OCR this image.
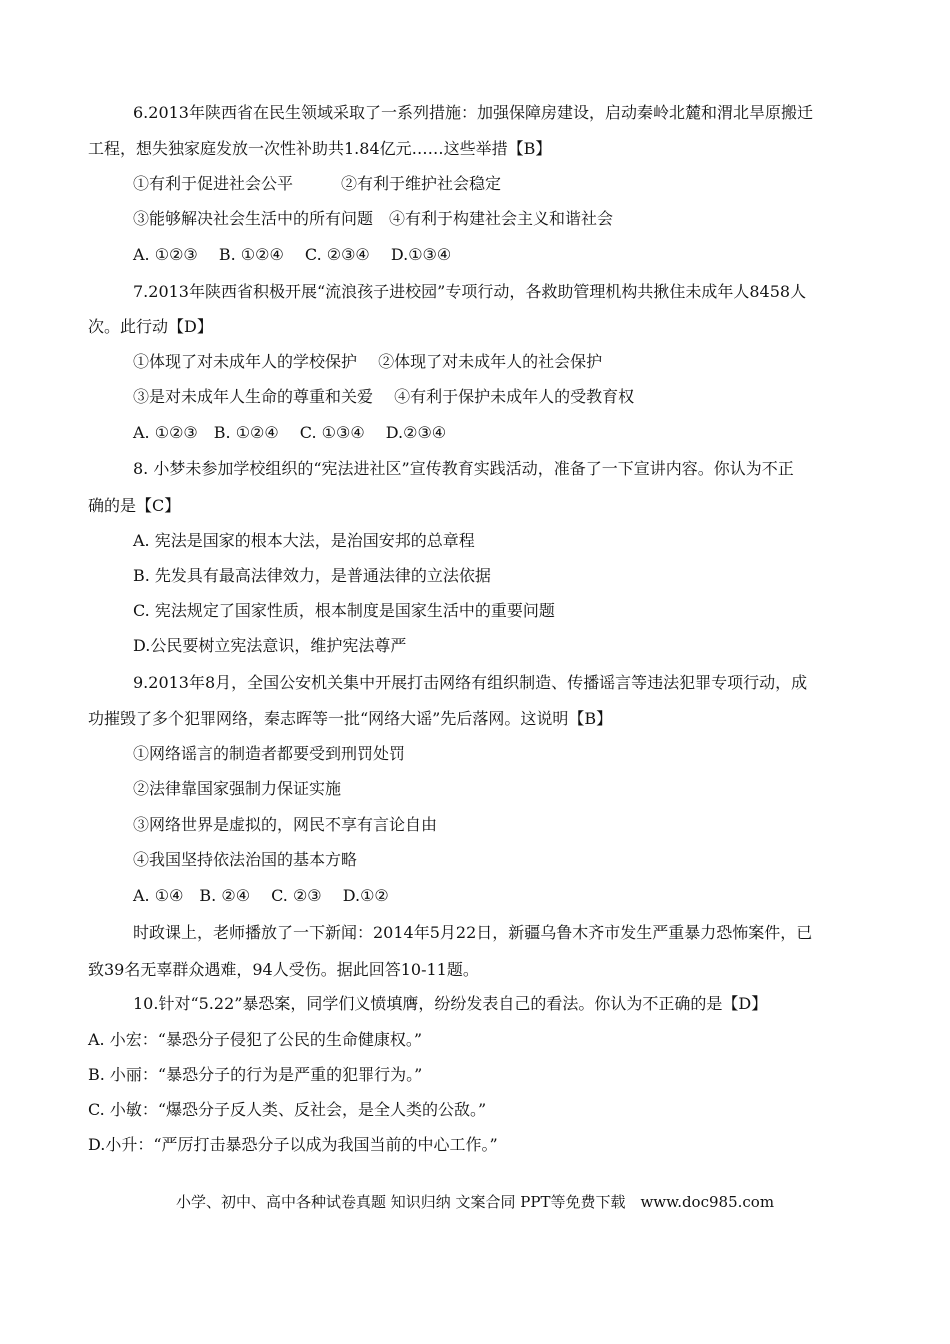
6.2013年陕西省在民生领域采取了一系列措施：加强保障房建设，启动秦岭北麓和渭北旱原搬迁
工程，想失独家庭发放一次性补助共1.84亿元……这些举措【B】
①有利于促进社会公平　　　②有利于维护社会稳定
③能够解决社会生活中的所有问题　④有利于构建社会主义和谐社会
A. ①②③　 B. ①②④　 C. ②③④　 D.①③④
7.2013年陕西省积极开展“流浪孩子进校园”专项行动，各救助管理机构共揪住未成年人8458人
次。此行动【D】
①体现了对未成年人的学校保护　 ②体现了对未成年人的社会保护
③是对未成年人生命的尊重和关爱　 ④有利于保护未成年人的受教育权
A. ①②③　B. ①②④　 C. ①③④　 D.②③④
8. 小梦未参加学校组织的“宪法进社区”宣传教育实践活动，准备了一下宣讲内容。你认为不正
确的是【C】
A. 宪法是国家的根本大法，是治国安邦的总章程
B. 先发具有最高法律效力，是普通法律的立法依据
C. 宪法规定了国家性质，根本制度是国家生活中的重要问题
D.公民要树立宪法意识，维护宪法尊严
9.2013年8月，全国公安机关集中开展打击网络有组织制造、传播谣言等违法犯罪专项行动，成
功摧毁了多个犯罪网络，秦志晖等一批“网络大谣”先后落网。这说明【B】
①网络谣言的制造者都要受到刑罚处罚
②法律靠国家强制力保证实施
③网络世界是虚拟的，网民不享有言论自由
④我国坚持依法治国的基本方略
A. ①④　B. ②④　 C. ②③　 D.①②
时政课上，老师播放了一下新闻：2014年5月22日，新疆乌鲁木齐市发生严重暴力恐怖案件，已
致39名无辜群众遇难，94人受伤。据此回答10-11题。
10.针对“5.22”暴恐案，同学们义愤填膺，纷纷发表自己的看法。你认为不正确的是【D】
A. 小宏：“暴恐分子侵犯了公民的生命健康权。”
B. 小丽：“暴恐分子的行为是严重的犯罪行为。”
C. 小敏：“爆恐分子反人类、反社会，是全人类的公敌。”
D.小升：“严厉打击暴恐分子以成为我国当前的中心工作。”
小学、初中、高中各种试卷真题 知识归纳 文案合同 PPT等免费下载　www.doc985.com
